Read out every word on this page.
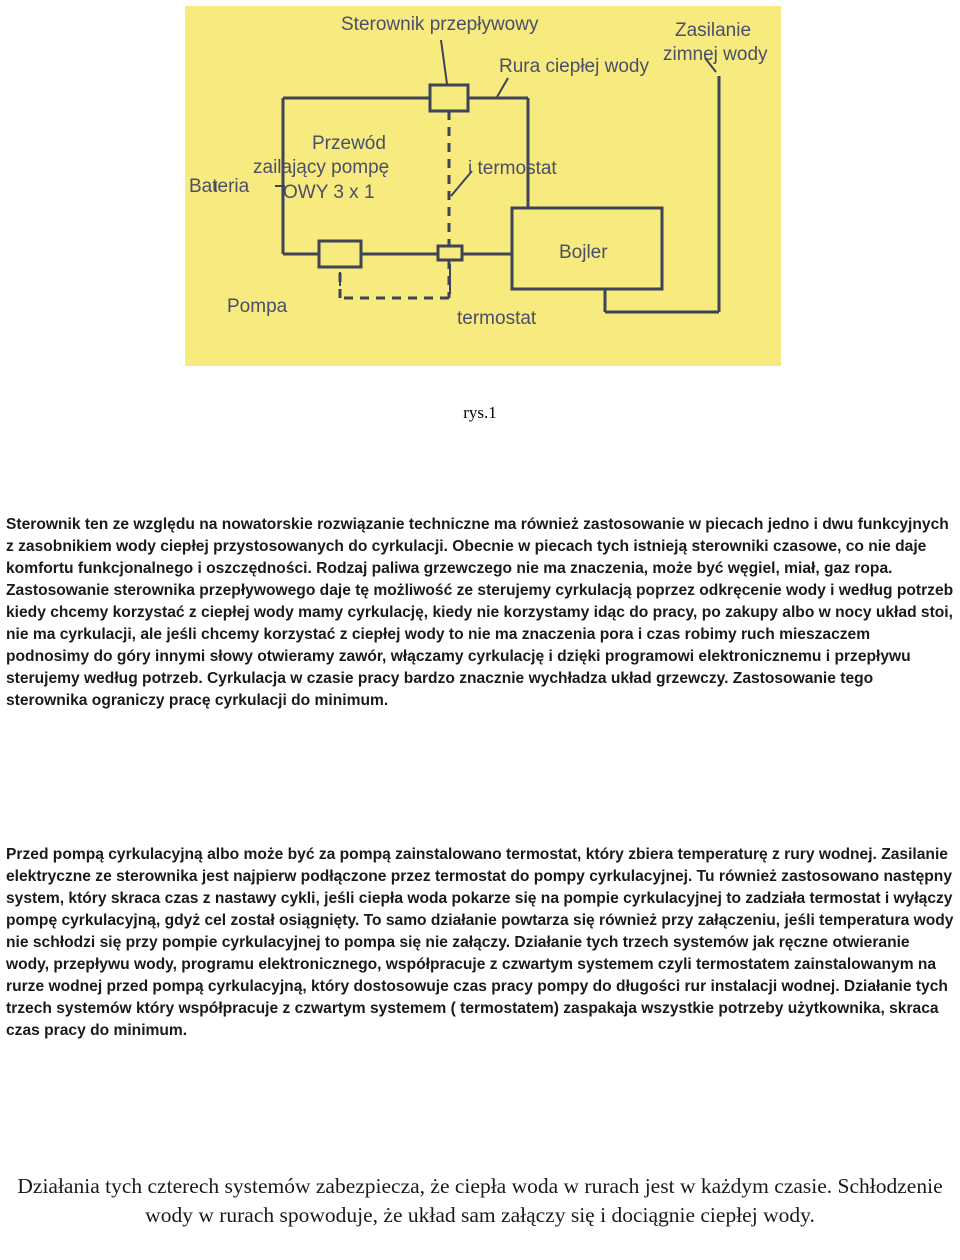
Sterownik przepływowy
Rura ciepłej wody
Zasilanie
zimnej wody
Przewód
zailający pompę
OWY 3 x 1
Bateria
i termostat
Bojler
Pompa
termostat
rys.1

Sterownik ten ze względu na nowatorskie rozwiązanie techniczne ma również zastosowanie w piecach jedno i dwu funkcyjnych z zasobnikiem wody ciepłej przystosowanych do cyrkulacji. Obecnie w piecach tych istnieją sterowniki czasowe, co nie daje komfortu funkcjonalnego i oszczędności. Rodzaj paliwa grzewczego nie ma znaczenia, może być węgiel, miał, gaz ropa. Zastosowanie sterownika przepływowego daje tę możliwość ze sterujemy cyrkulacją poprzez odkręcenie wody i według potrzeb kiedy chcemy korzystać z ciepłej wody mamy cyrkulację, kiedy nie korzystamy idąc do pracy, po zakupy albo w nocy układ stoi, nie ma cyrkulacji, ale jeśli chcemy korzystać z ciepłej wody to nie ma znaczenia pora i czas robimy ruch mieszaczem podnosimy do góry innymi słowy otwieramy zawór, włączamy cyrkulację i dzięki programowi elektronicznemu i przepływu sterujemy według potrzeb. Cyrkulacja w czasie pracy bardzo znacznie wychładza układ grzewczy. Zastosowanie tego sterownika ograniczy pracę cyrkulacji do minimum.

Przed pompą cyrkulacyjną albo może być za pompą zainstalowano termostat, który zbiera temperaturę z rury wodnej. Zasilanie elektryczne ze sterownika jest najpierw podłączone przez termostat do pompy cyrkulacyjnej. Tu również zastosowano następny system, który skraca czas z nastawy cykli, jeśli ciepła woda pokarze się na pompie cyrkulacyjnej to zadziała termostat i wyłączy pompę cyrkulacyjną, gdyż cel został osiągnięty. To samo działanie powtarza się również przy załączeniu, jeśli temperatura wody nie schłodzi się przy pompie cyrkulacyjnej to pompa się nie załączy. Działanie tych trzech systemów jak ręczne otwieranie wody, przepływu wody, programu elektronicznego, współpracuje z czwartym systemem czyli termostatem zainstalowanym na rurze wodnej przed pompą cyrkulacyjną, który dostosowuje czas pracy pompy do długości rur instalacji wodnej. Działanie tych trzech systemów który współpracuje z czwartym systemem ( termostatem) zaspakaja wszystkie potrzeby użytkownika, skraca czas pracy do minimum.

Działania tych czterech systemów zabezpiecza, że ciepła woda w rurach jest w każdym czasie. Schłodzenie wody w rurach spowoduje, że układ sam załączy się i dociągnie ciepłej wody.
